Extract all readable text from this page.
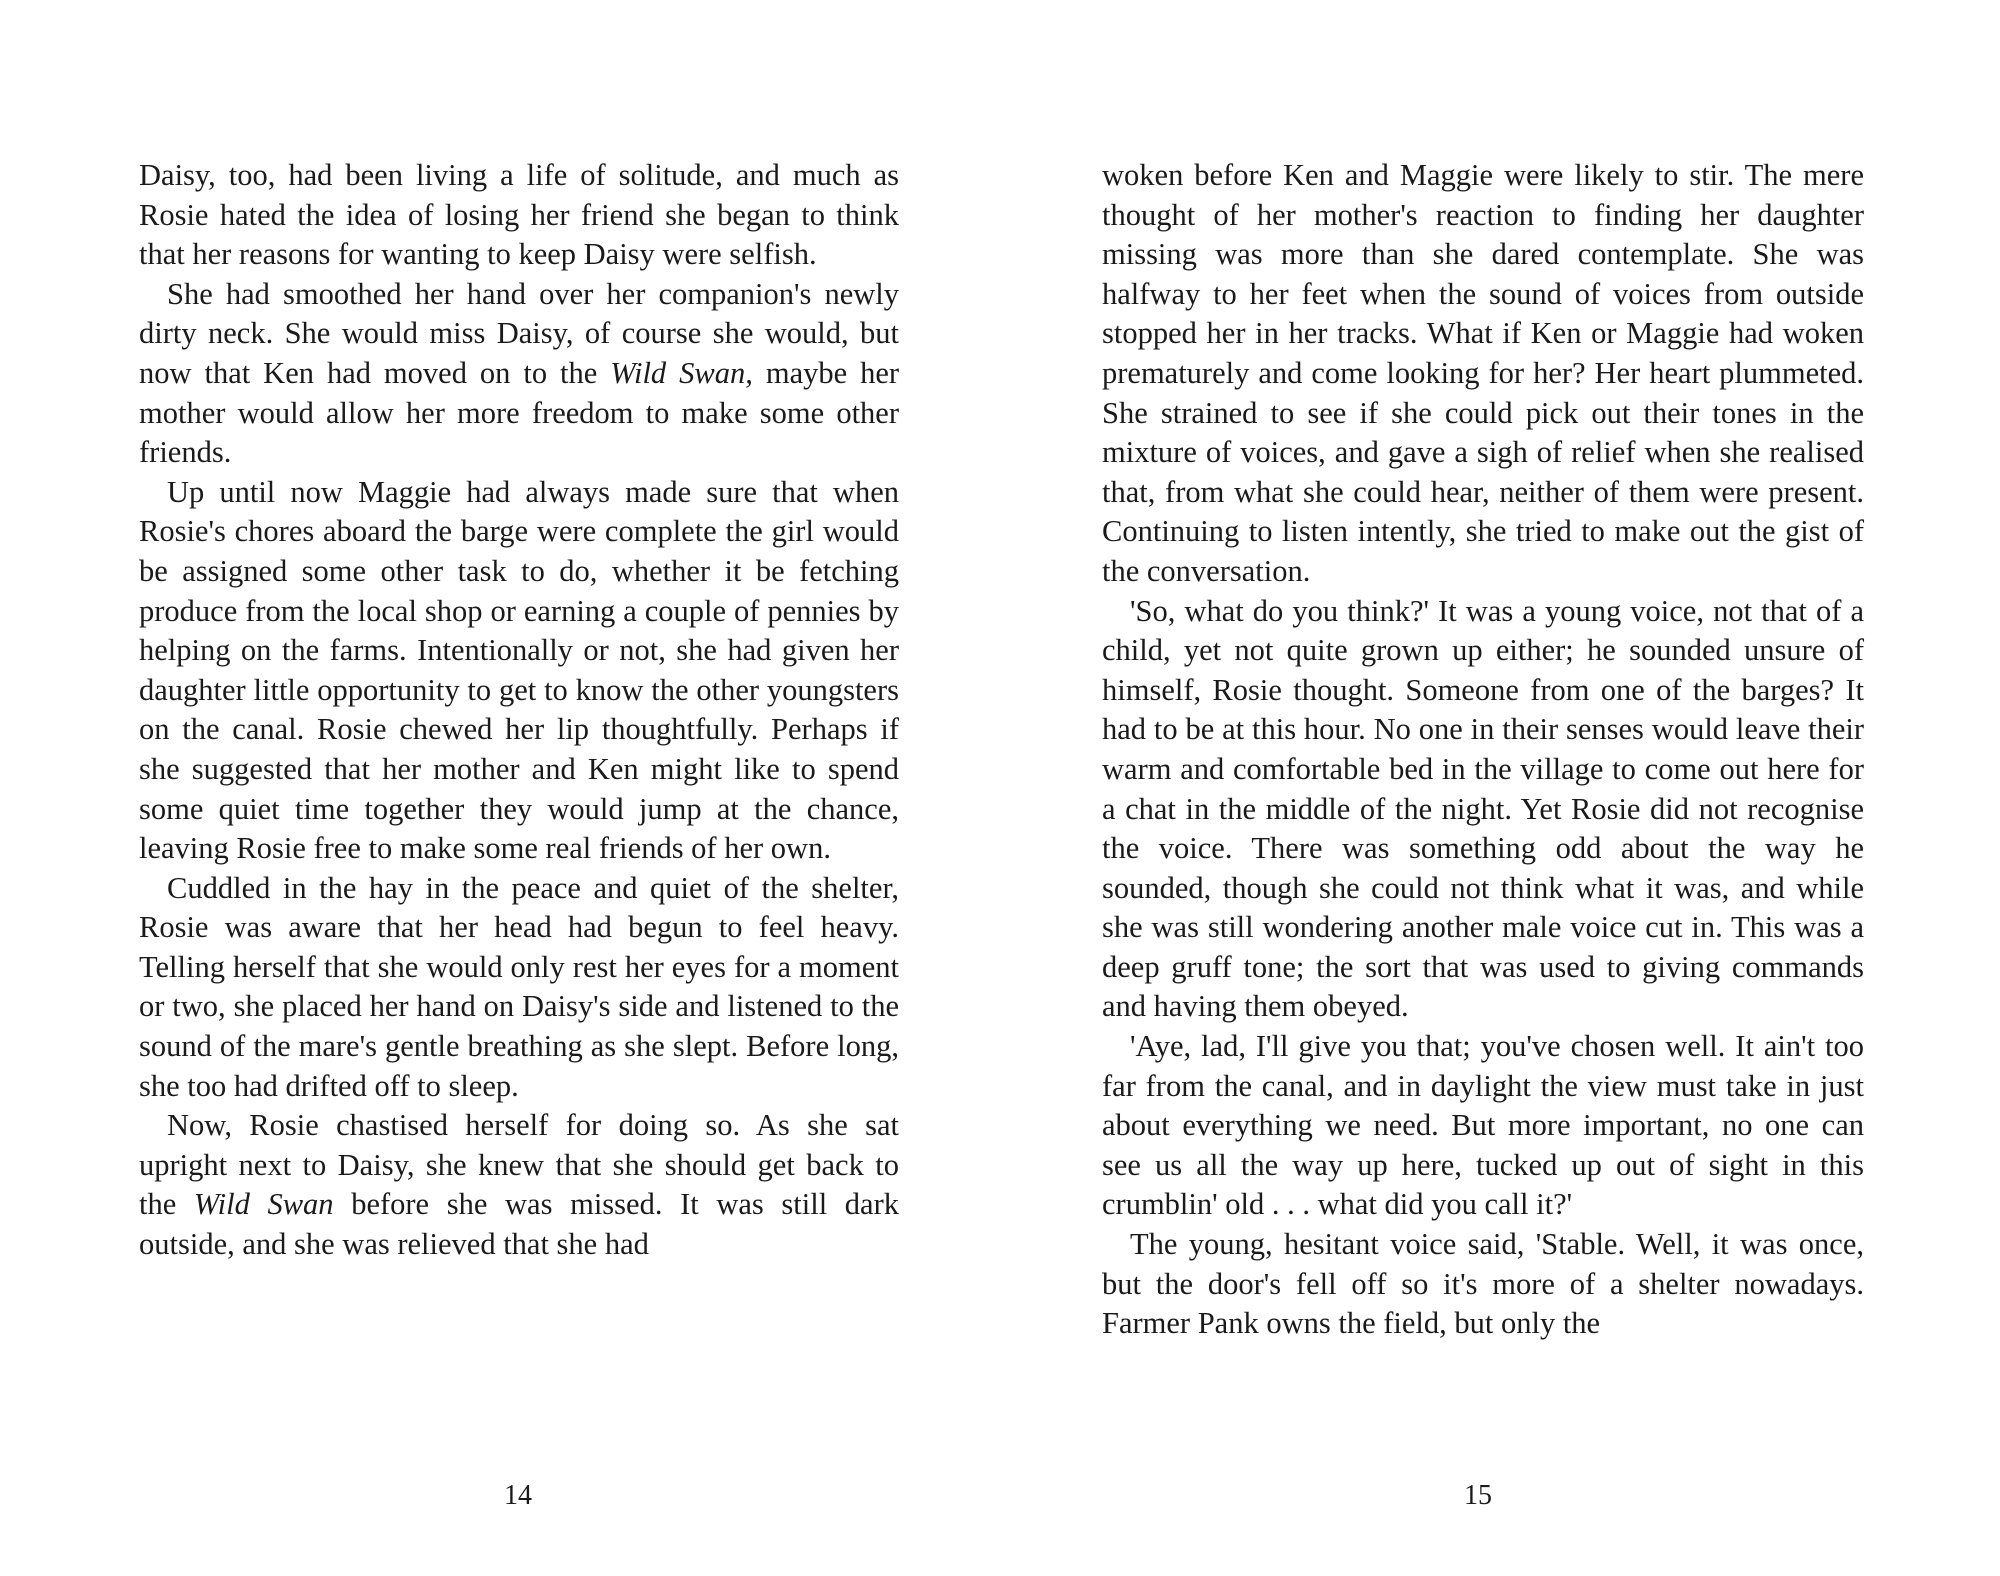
Daisy, too, had been living a life of solitude, and much as Rosie hated the idea of losing her friend she began to think that her reasons for wanting to keep Daisy were selfish.

She had smoothed her hand over her companion's newly dirty neck. She would miss Daisy, of course she would, but now that Ken had moved on to the Wild Swan, maybe her mother would allow her more freedom to make some other friends.

Up until now Maggie had always made sure that when Rosie's chores aboard the barge were complete the girl would be assigned some other task to do, whether it be fetching produce from the local shop or earning a couple of pennies by helping on the farms. Intentionally or not, she had given her daughter little opportunity to get to know the other youngsters on the canal. Rosie chewed her lip thoughtfully. Perhaps if she suggested that her mother and Ken might like to spend some quiet time together they would jump at the chance, leaving Rosie free to make some real friends of her own.

Cuddled in the hay in the peace and quiet of the shelter, Rosie was aware that her head had begun to feel heavy. Telling herself that she would only rest her eyes for a moment or two, she placed her hand on Daisy's side and listened to the sound of the mare's gentle breathing as she slept. Before long, she too had drifted off to sleep.

Now, Rosie chastised herself for doing so. As she sat upright next to Daisy, she knew that she should get back to the Wild Swan before she was missed. It was still dark outside, and she was relieved that she had

14

woken before Ken and Maggie were likely to stir. The mere thought of her mother's reaction to finding her daughter missing was more than she dared contemplate. She was halfway to her feet when the sound of voices from outside stopped her in her tracks. What if Ken or Maggie had woken prematurely and come looking for her? Her heart plummeted. She strained to see if she could pick out their tones in the mixture of voices, and gave a sigh of relief when she realised that, from what she could hear, neither of them were present. Continuing to listen intently, she tried to make out the gist of the conversation.

'So, what do you think?' It was a young voice, not that of a child, yet not quite grown up either; he sounded unsure of himself, Rosie thought. Someone from one of the barges? It had to be at this hour. No one in their senses would leave their warm and comfortable bed in the village to come out here for a chat in the middle of the night. Yet Rosie did not recognise the voice. There was something odd about the way he sounded, though she could not think what it was, and while she was still wondering another male voice cut in. This was a deep gruff tone; the sort that was used to giving commands and having them obeyed.

'Aye, lad, I'll give you that; you've chosen well. It ain't too far from the canal, and in daylight the view must take in just about everything we need. But more important, no one can see us all the way up here, tucked up out of sight in this crumblin' old . . . what did you call it?'

The young, hesitant voice said, 'Stable. Well, it was once, but the door's fell off so it's more of a shelter nowadays. Farmer Pank owns the field, but only the

15
